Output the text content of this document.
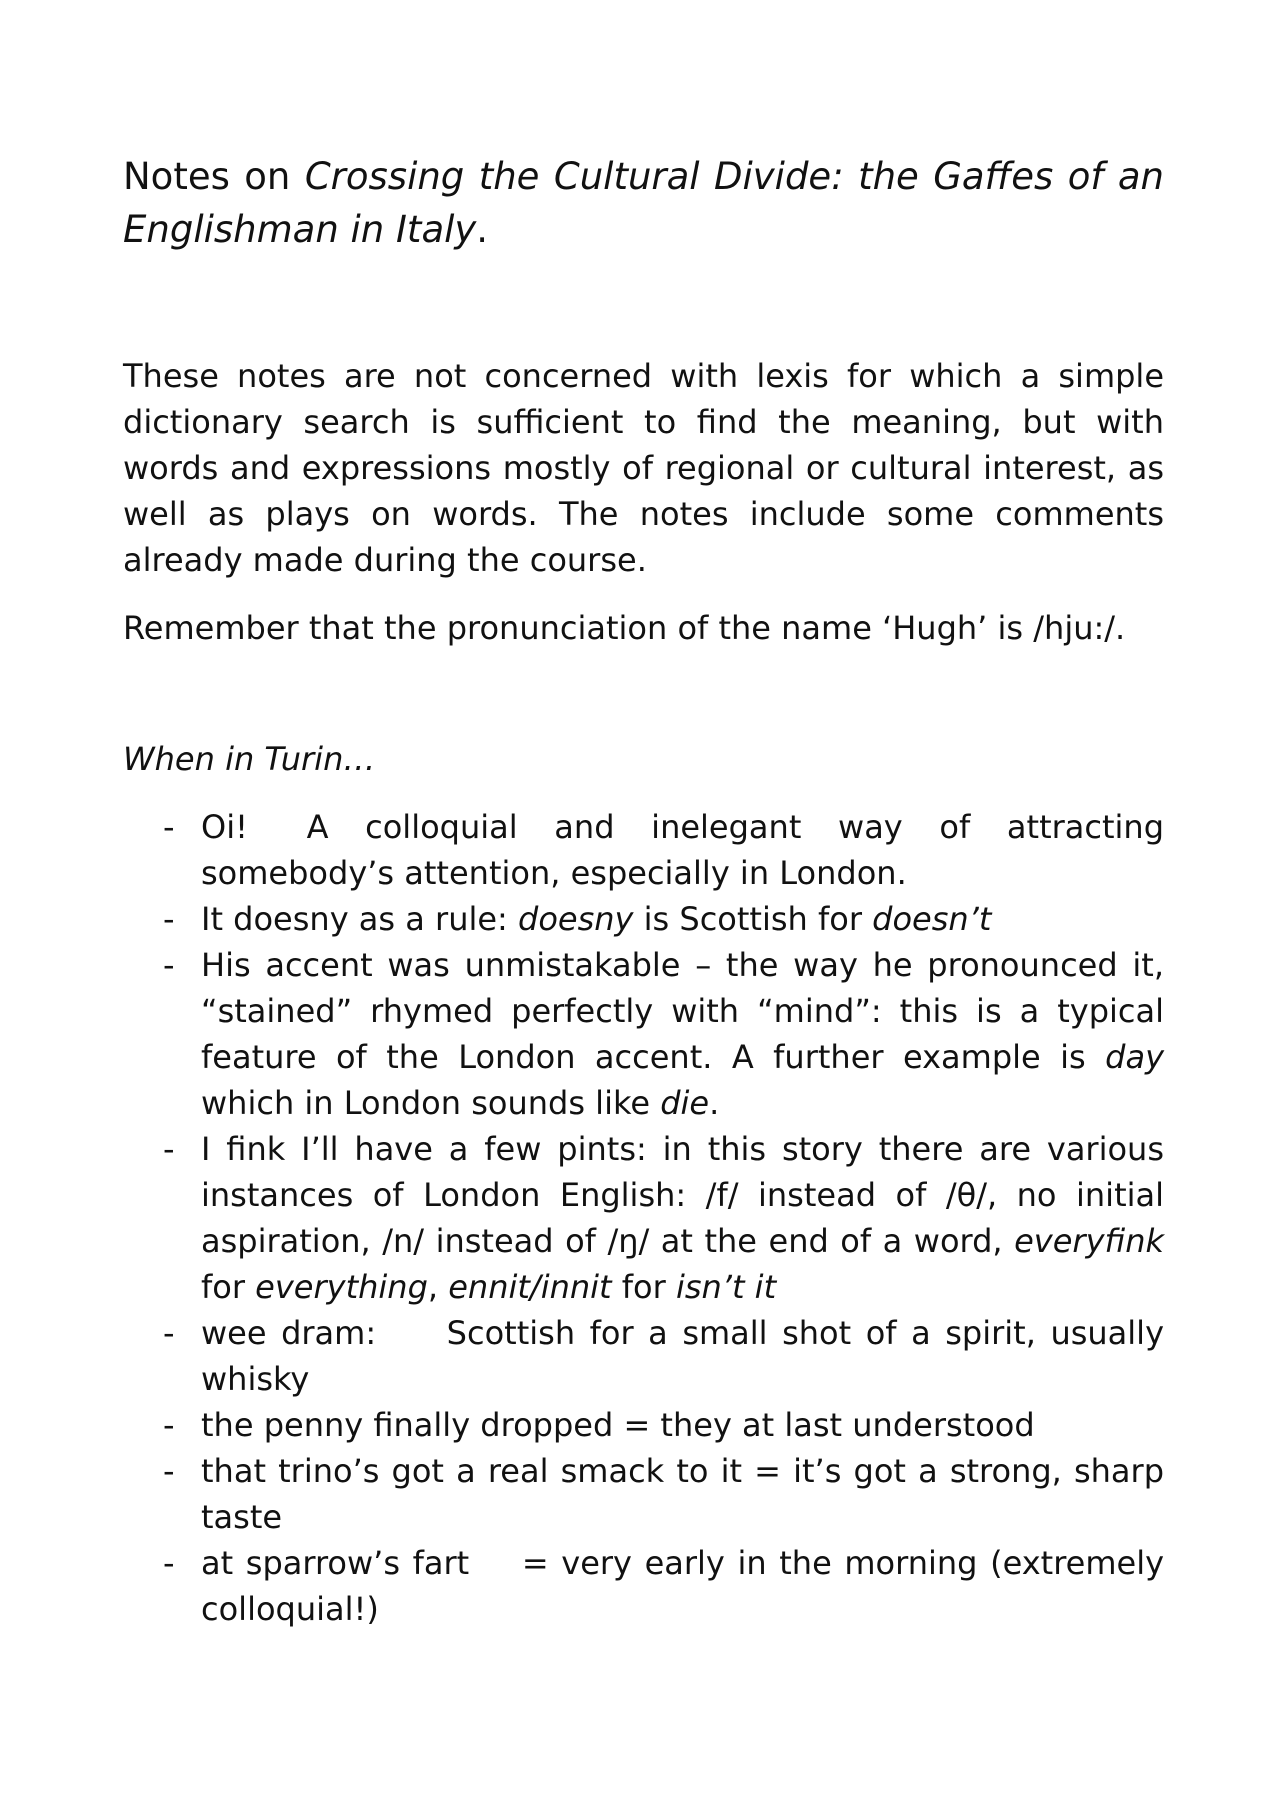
Notes on Crossing the Cultural Divide: the Gaffes of an Englishman in Italy.

These notes are not concerned with lexis for which a simple dictionary search is sufficient to find the meaning, but with words and expressions mostly of regional or cultural interest, as well as plays on words. The notes include some comments already made during the course.

Remember that the pronunciation of the name ‘Hugh’ is /hju:/.

When in Turin…
- Oi! A colloquial and inelegant way of attracting somebody’s attention, especially in London.
- It doesny as a rule: doesny is Scottish for doesn’t
- His accent was unmistakable – the way he pronounced it, “stained” rhymed perfectly with “mind”: this is a typical feature of the London accent. A further example is day which in London sounds like die.
- I fink I’ll have a few pints: in this story there are various instances of London English: /f/ instead of /θ/, no initial aspiration, /n/ instead of /ŋ/ at the end of a word, everyfink for everything, ennit/innit for isn’t it
- wee dram: Scottish for a small shot of a spirit, usually whisky
- the penny finally dropped = they at last understood
- that trino’s got a real smack to it = it’s got a strong, sharp taste
- at sparrow’s fart = very early in the morning (extremely colloquial!)
